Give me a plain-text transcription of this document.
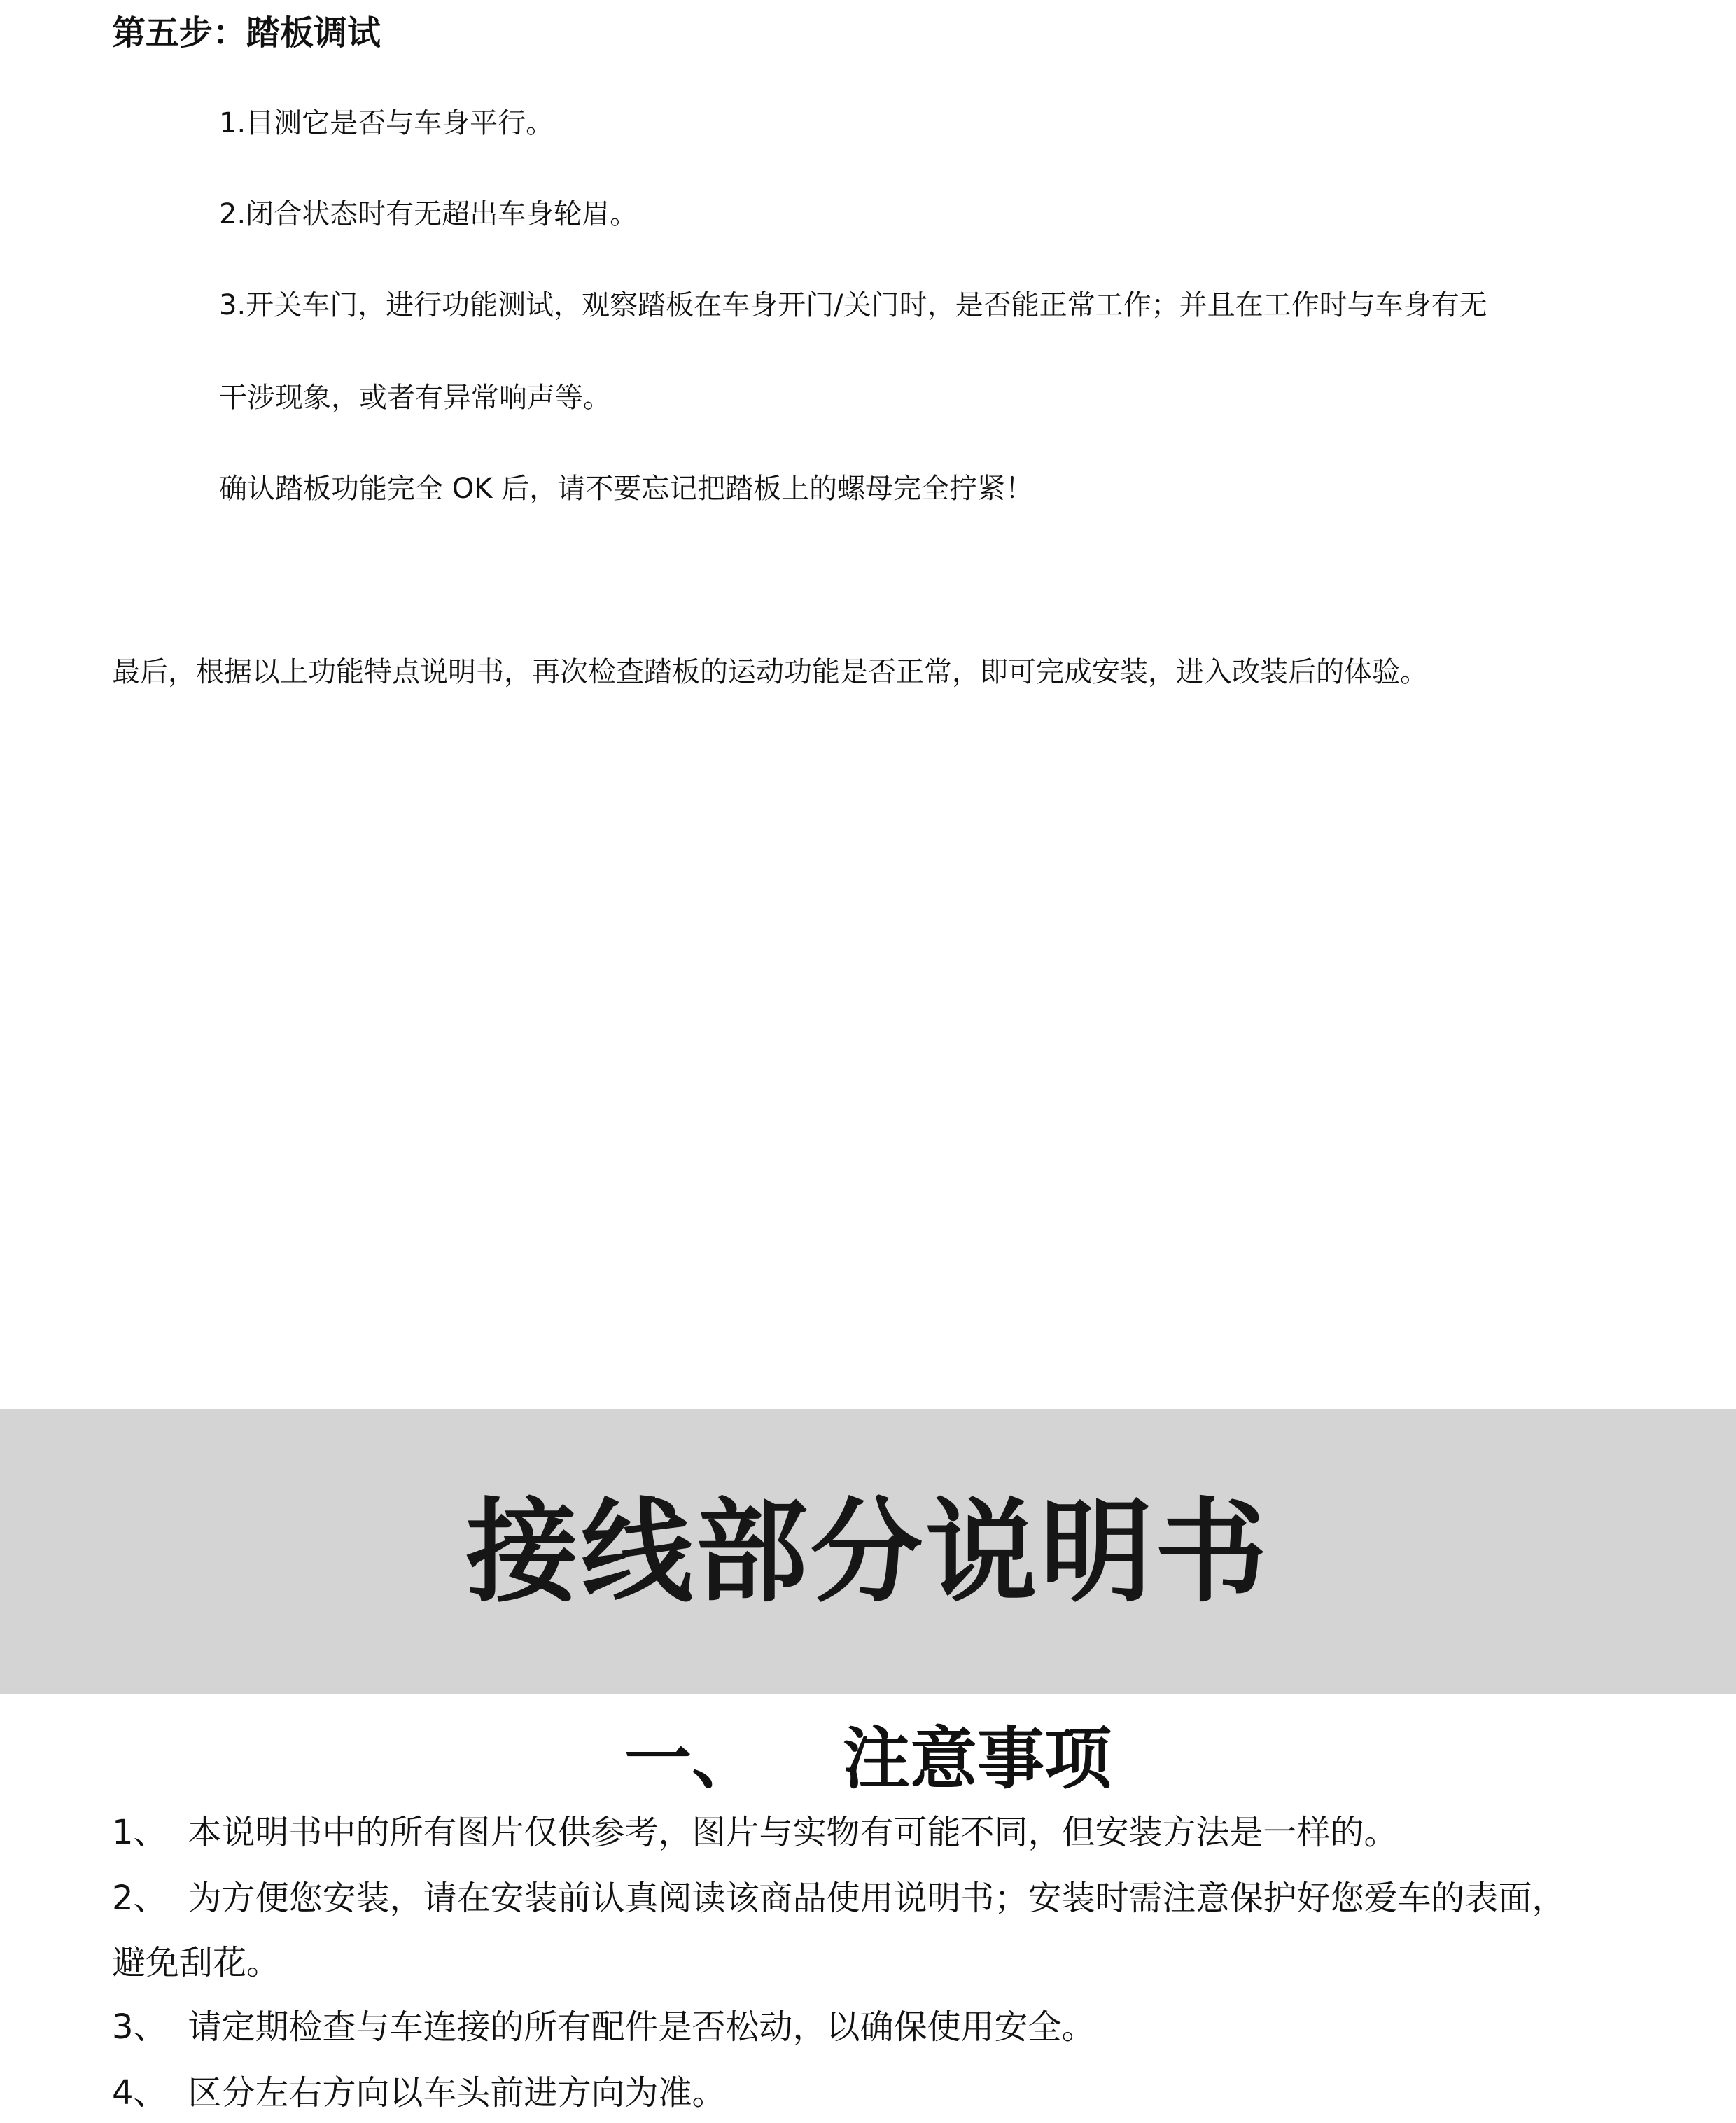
第五步：踏板调试
1.目测它是否与车身平行。
2.闭合状态时有无超出车身轮眉。
3.开关车门，进行功能测试，观察踏板在车身开门/关门时，是否能正常工作；并且在工作时与车身有无
干涉现象，或者有异常响声等。
确认踏板功能完全 OK 后，请不要忘记把踏板上的螺母完全拧紧！
最后，根据以上功能特点说明书，再次检查踏板的运动功能是否正常，即可完成安装，进入改装后的体验。
接线部分说明书
一、 注意事项
1、 本说明书中的所有图片仅供参考，图片与实物有可能不同，但安装方法是一样的。
2、 为方便您安装，请在安装前认真阅读该商品使用说明书；安装时需注意保护好您爱车的表面，
避免刮花。
3、 请定期检查与车连接的所有配件是否松动，以确保使用安全。
4、 区分左右方向以车头前进方向为准。
